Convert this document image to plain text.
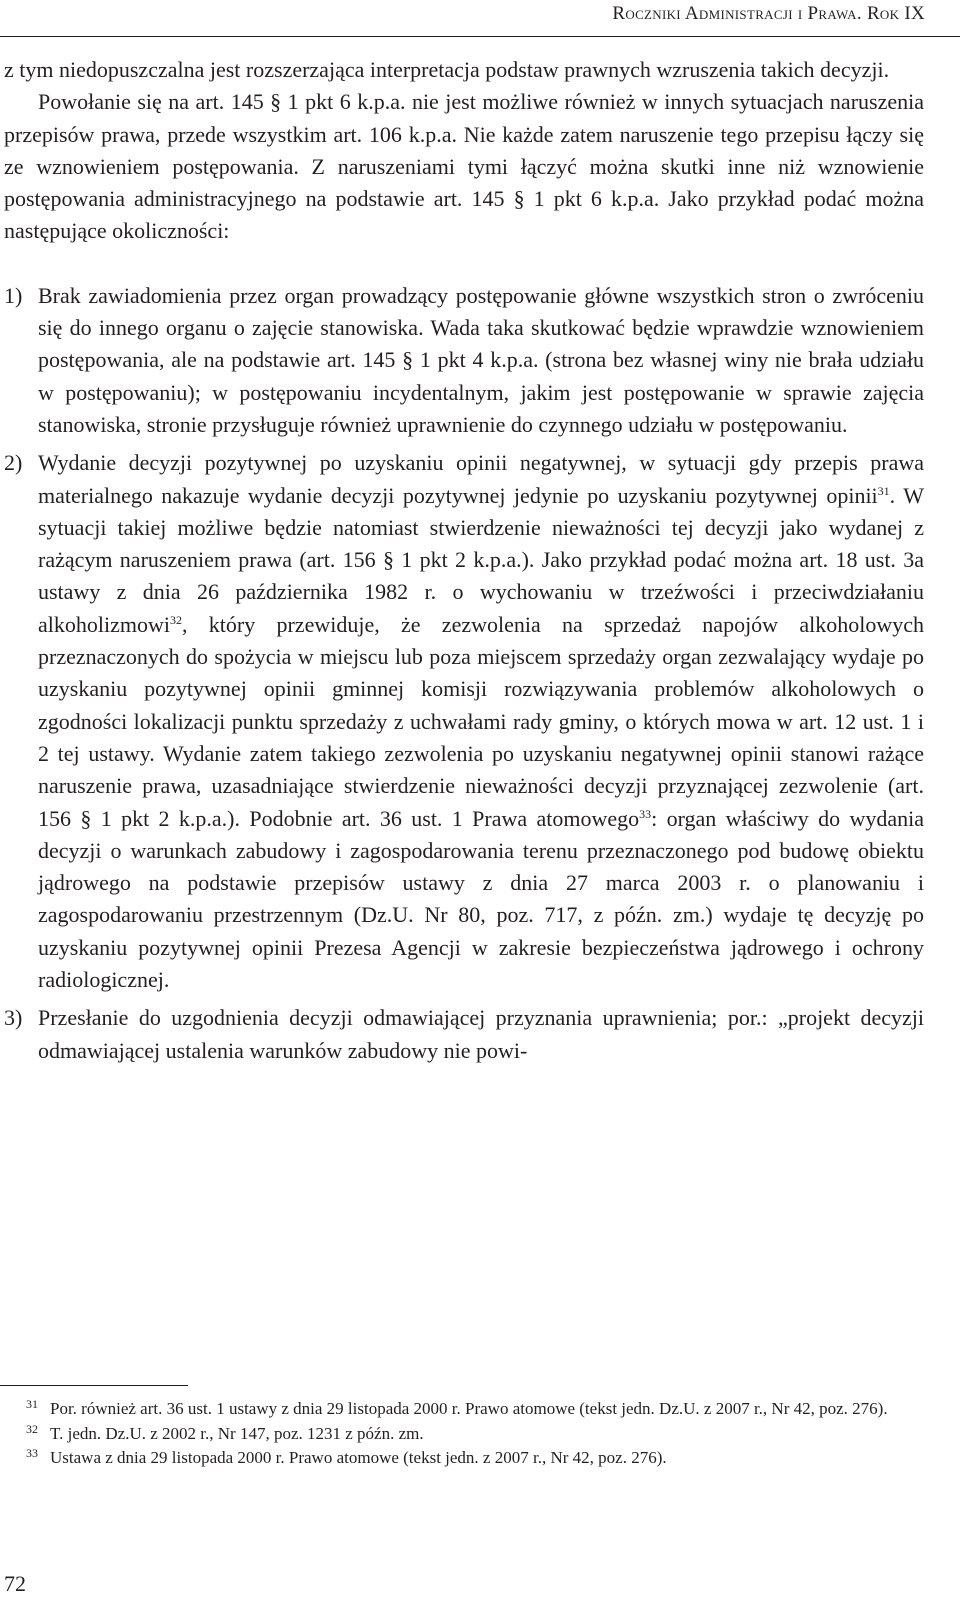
Roczniki Administracji i Prawa. Rok IX

z tym niedopuszczalna jest rozszerzająca interpretacja podstaw prawnych wzruszenia takich decyzji.

Powołanie się na art. 145 § 1 pkt 6 k.p.a. nie jest możliwe również w innych sytuacjach naruszenia przepisów prawa, przede wszystkim art. 106 k.p.a. Nie każde zatem naruszenie tego przepisu łączy się ze wznowieniem postępowania. Z naruszeniami tymi łączyć można skutki inne niż wznowienie postępowania administracyjnego na podstawie art. 145 § 1 pkt 6 k.p.a. Jako przykład podać można następujące okoliczności:

1) Brak zawiadomienia przez organ prowadzący postępowanie główne wszystkich stron o zwróceniu się do innego organu o zajęcie stanowiska. Wada taka skutkować będzie wprawdzie wznowieniem postępowania, ale na podstawie art. 145 § 1 pkt 4 k.p.a. (strona bez własnej winy nie brała udziału w postępowaniu); w postępowaniu incydentalnym, jakim jest postępowanie w sprawie zajęcia stanowiska, stronie przysługuje również uprawnienie do czynnego udziału w postępowaniu.
2) Wydanie decyzji pozytywnej po uzyskaniu opinii negatywnej, w sytuacji gdy przepis prawa materialnego nakazuje wydanie decyzji pozytywnej jedynie po uzyskaniu pozytywnej opinii$^{31}$. W sytuacji takiej możliwe będzie natomiast stwierdzenie nieważności tej decyzji jako wydanej z rażącym naruszeniem prawa (art. 156 § 1 pkt 2 k.p.a.). Jako przykład podać można art. 18 ust. 3a ustawy z dnia 26 października 1982 r. o wychowaniu w trzeźwości i przeciwdziałaniu alkoholizmowi$^{32}$, który przewiduje, że zezwolenia na sprzedaż napojów alkoholowych przeznaczonych do spożycia w miejscu lub poza miejscem sprzedaży organ zezwalający wydaje po uzyskaniu pozytywnej opinii gminnej komisji rozwiązywania problemów alkoholowych o zgodności lokalizacji punktu sprzedaży z uchwałami rady gminy, o których mowa w art. 12 ust. 1 i 2 tej ustawy. Wydanie zatem takiego zezwolenia po uzyskaniu negatywnej opinii stanowi rażące naruszenie prawa, uzasadniające stwierdzenie nieważności decyzji przyznającej zezwolenie (art. 156 § 1 pkt 2 k.p.a.). Podobnie art. 36 ust. 1 Prawa atomowego$^{33}$: organ właściwy do wydania decyzji o warunkach zabudowy i zagospodarowania terenu przeznaczonego pod budowę obiektu jądrowego na podstawie przepisów ustawy z dnia 27 marca 2003 r. o planowaniu i zagospodarowaniu przestrzennym (Dz.U. Nr 80, poz. 717, z późn. zm.) wydaje tę decyzję po uzyskaniu pozytywnej opinii Prezesa Agencji w zakresie bezpieczeństwa jądrowego i ochrony radiologicznej.
3) Przesłanie do uzgodnienia decyzji odmawiającej przyznania uprawnienia; por.: „projekt decyzji odmawiającej ustalenia warunków zabudowy nie powi-

$^{31}$ Por. również art. 36 ust. 1 ustawy z dnia 29 listopada 2000 r. Prawo atomowe (tekst jedn. Dz.U. z 2007 r., Nr 42, poz. 276).

$^{32}$ T. jedn. Dz.U. z 2002 r., Nr 147, poz. 1231 z późn. zm.

$^{33}$ Ustawa z dnia 29 listopada 2000 r. Prawo atomowe (tekst jedn. z 2007 r., Nr 42, poz. 276).

72
